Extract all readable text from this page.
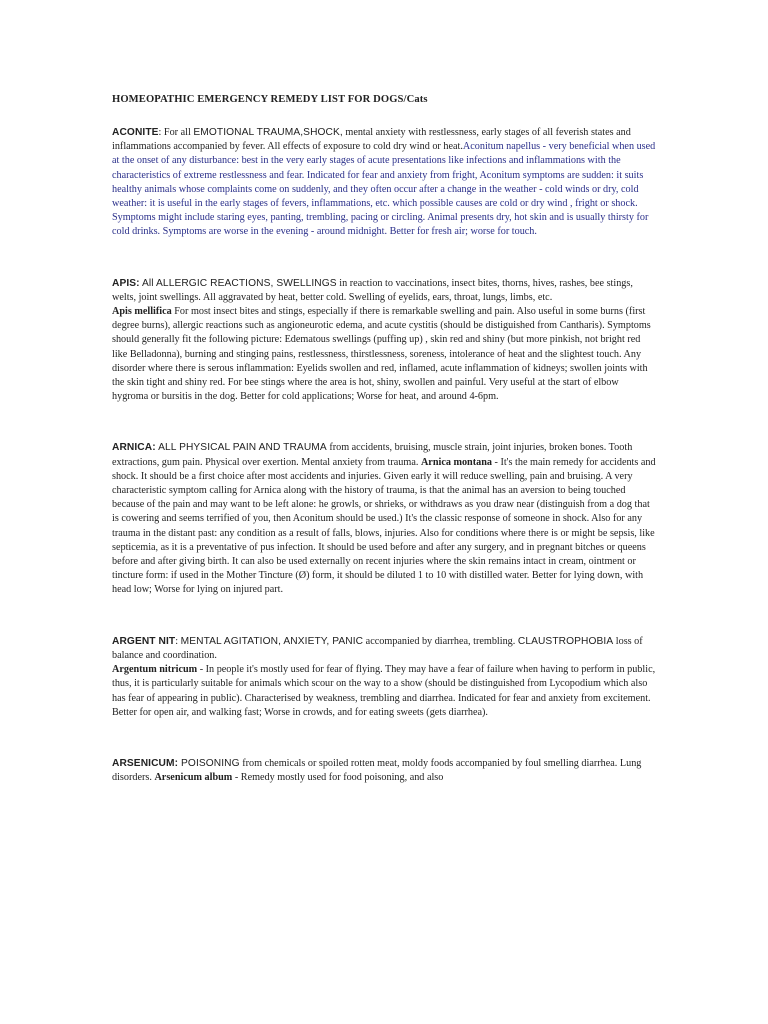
HOMEOPATHIC EMERGENCY REMEDY LIST FOR DOGS/Cats

ACONITE: For all EMOTIONAL TRAUMA,SHOCK, mental anxiety with restlessness, early stages of all feverish states and inflammations accompanied by fever. All effects of exposure to cold dry wind or heat.Aconitum napellus - very beneficial when used at the onset of any disturbance: best in the very early stages of acute presentations like infections and inflammations with the characteristics of extreme restlessness and fear. Indicated for fear and anxiety from fright, Aconitum symptoms are sudden: it suits healthy animals whose complaints come on suddenly, and they often occur after a change in the weather - cold winds or dry, cold weather: it is useful in the early stages of fevers, inflammations, etc. which possible causes are cold or dry wind , fright or shock. Symptoms might include staring eyes, panting, trembling, pacing or circling. Animal presents dry, hot skin and is usually thirsty for cold drinks. Symptoms are worse in the evening - around midnight. Better for fresh air; worse for touch.

APIS: All ALLERGIC REACTIONS, SWELLINGS in reaction to vaccinations, insect bites, thorns, hives, rashes, bee stings, welts, joint swellings. All aggravated by heat, better cold. Swelling of eyelids, ears, throat, lungs, limbs, etc.

Apis mellifica For most insect bites and stings, especially if there is remarkable swelling and pain. Also useful in some burns (first degree burns), allergic reactions such as angioneurotic edema, and acute cystitis (should be distiguished from Cantharis). Symptoms should generally fit the following picture: Edematous swellings (puffing up) , skin red and shiny (but more pinkish, not bright red like Belladonna), burning and stinging pains, restlessness, thirstlessness, soreness, intolerance of heat and the slightest touch. Any disorder where there is serous inflammation: Eyelids swollen and red, inflamed, acute inflammation of kidneys; swollen joints with the skin tight and shiny red. For bee stings where the area is hot, shiny, swollen and painful. Very useful at the start of elbow hygroma or bursitis in the dog. Better for cold applications; Worse for heat, and around 4-6pm.

ARNICA: ALL PHYSICAL PAIN AND TRAUMA from accidents, bruising, muscle strain, joint injuries, broken bones. Tooth extractions, gum pain. Physical over exertion. Mental anxiety from trauma. Arnica montana - It's the main remedy for accidents and shock. It should be a first choice after most accidents and injuries. Given early it will reduce swelling, pain and bruising. A very characteristic symptom calling for Arnica along with the history of trauma, is that the animal has an aversion to being touched because of the pain and may want to be left alone: he growls, or shrieks, or withdraws as you draw near (distinguish from a dog that is cowering and seems terrified of you, then Aconitum should be used.) It's the classic response of someone in shock. Also for any trauma in the distant past: any condition as a result of falls, blows, injuries. Also for conditions where there is or might be sepsis, like septicemia, as it is a preventative of pus infection. It should be used before and after any surgery, and in pregnant bitches or queens before and after giving birth. It can also be used externally on recent injuries where the skin remains intact in cream, ointment or tincture form: if used in the Mother Tincture (Ø) form, it should be diluted 1 to 10 with distilled water. Better for lying down, with head low; Worse for lying on injured part.

ARGENT NIT: MENTAL AGITATION, ANXIETY, PANIC accompanied by diarrhea, trembling. CLAUSTROPHOBIA loss of balance and coordination.

Argentum nitricum - In people it's mostly used for fear of flying. They may have a fear of failure when having to perform in public, thus, it is particularly suitable for animals which scour on the way to a show (should be distinguished from Lycopodium which also has fear of appearing in public). Characterised by weakness, trembling and diarrhea. Indicated for fear and anxiety from excitement. Better for open air, and walking fast; Worse in crowds, and for eating sweets (gets diarrhea).

ARSENICUM: POISONING from chemicals or spoiled rotten meat, moldy foods accompanied by foul smelling diarrhea. Lung disorders. Arsenicum album - Remedy mostly used for food poisoning, and also
